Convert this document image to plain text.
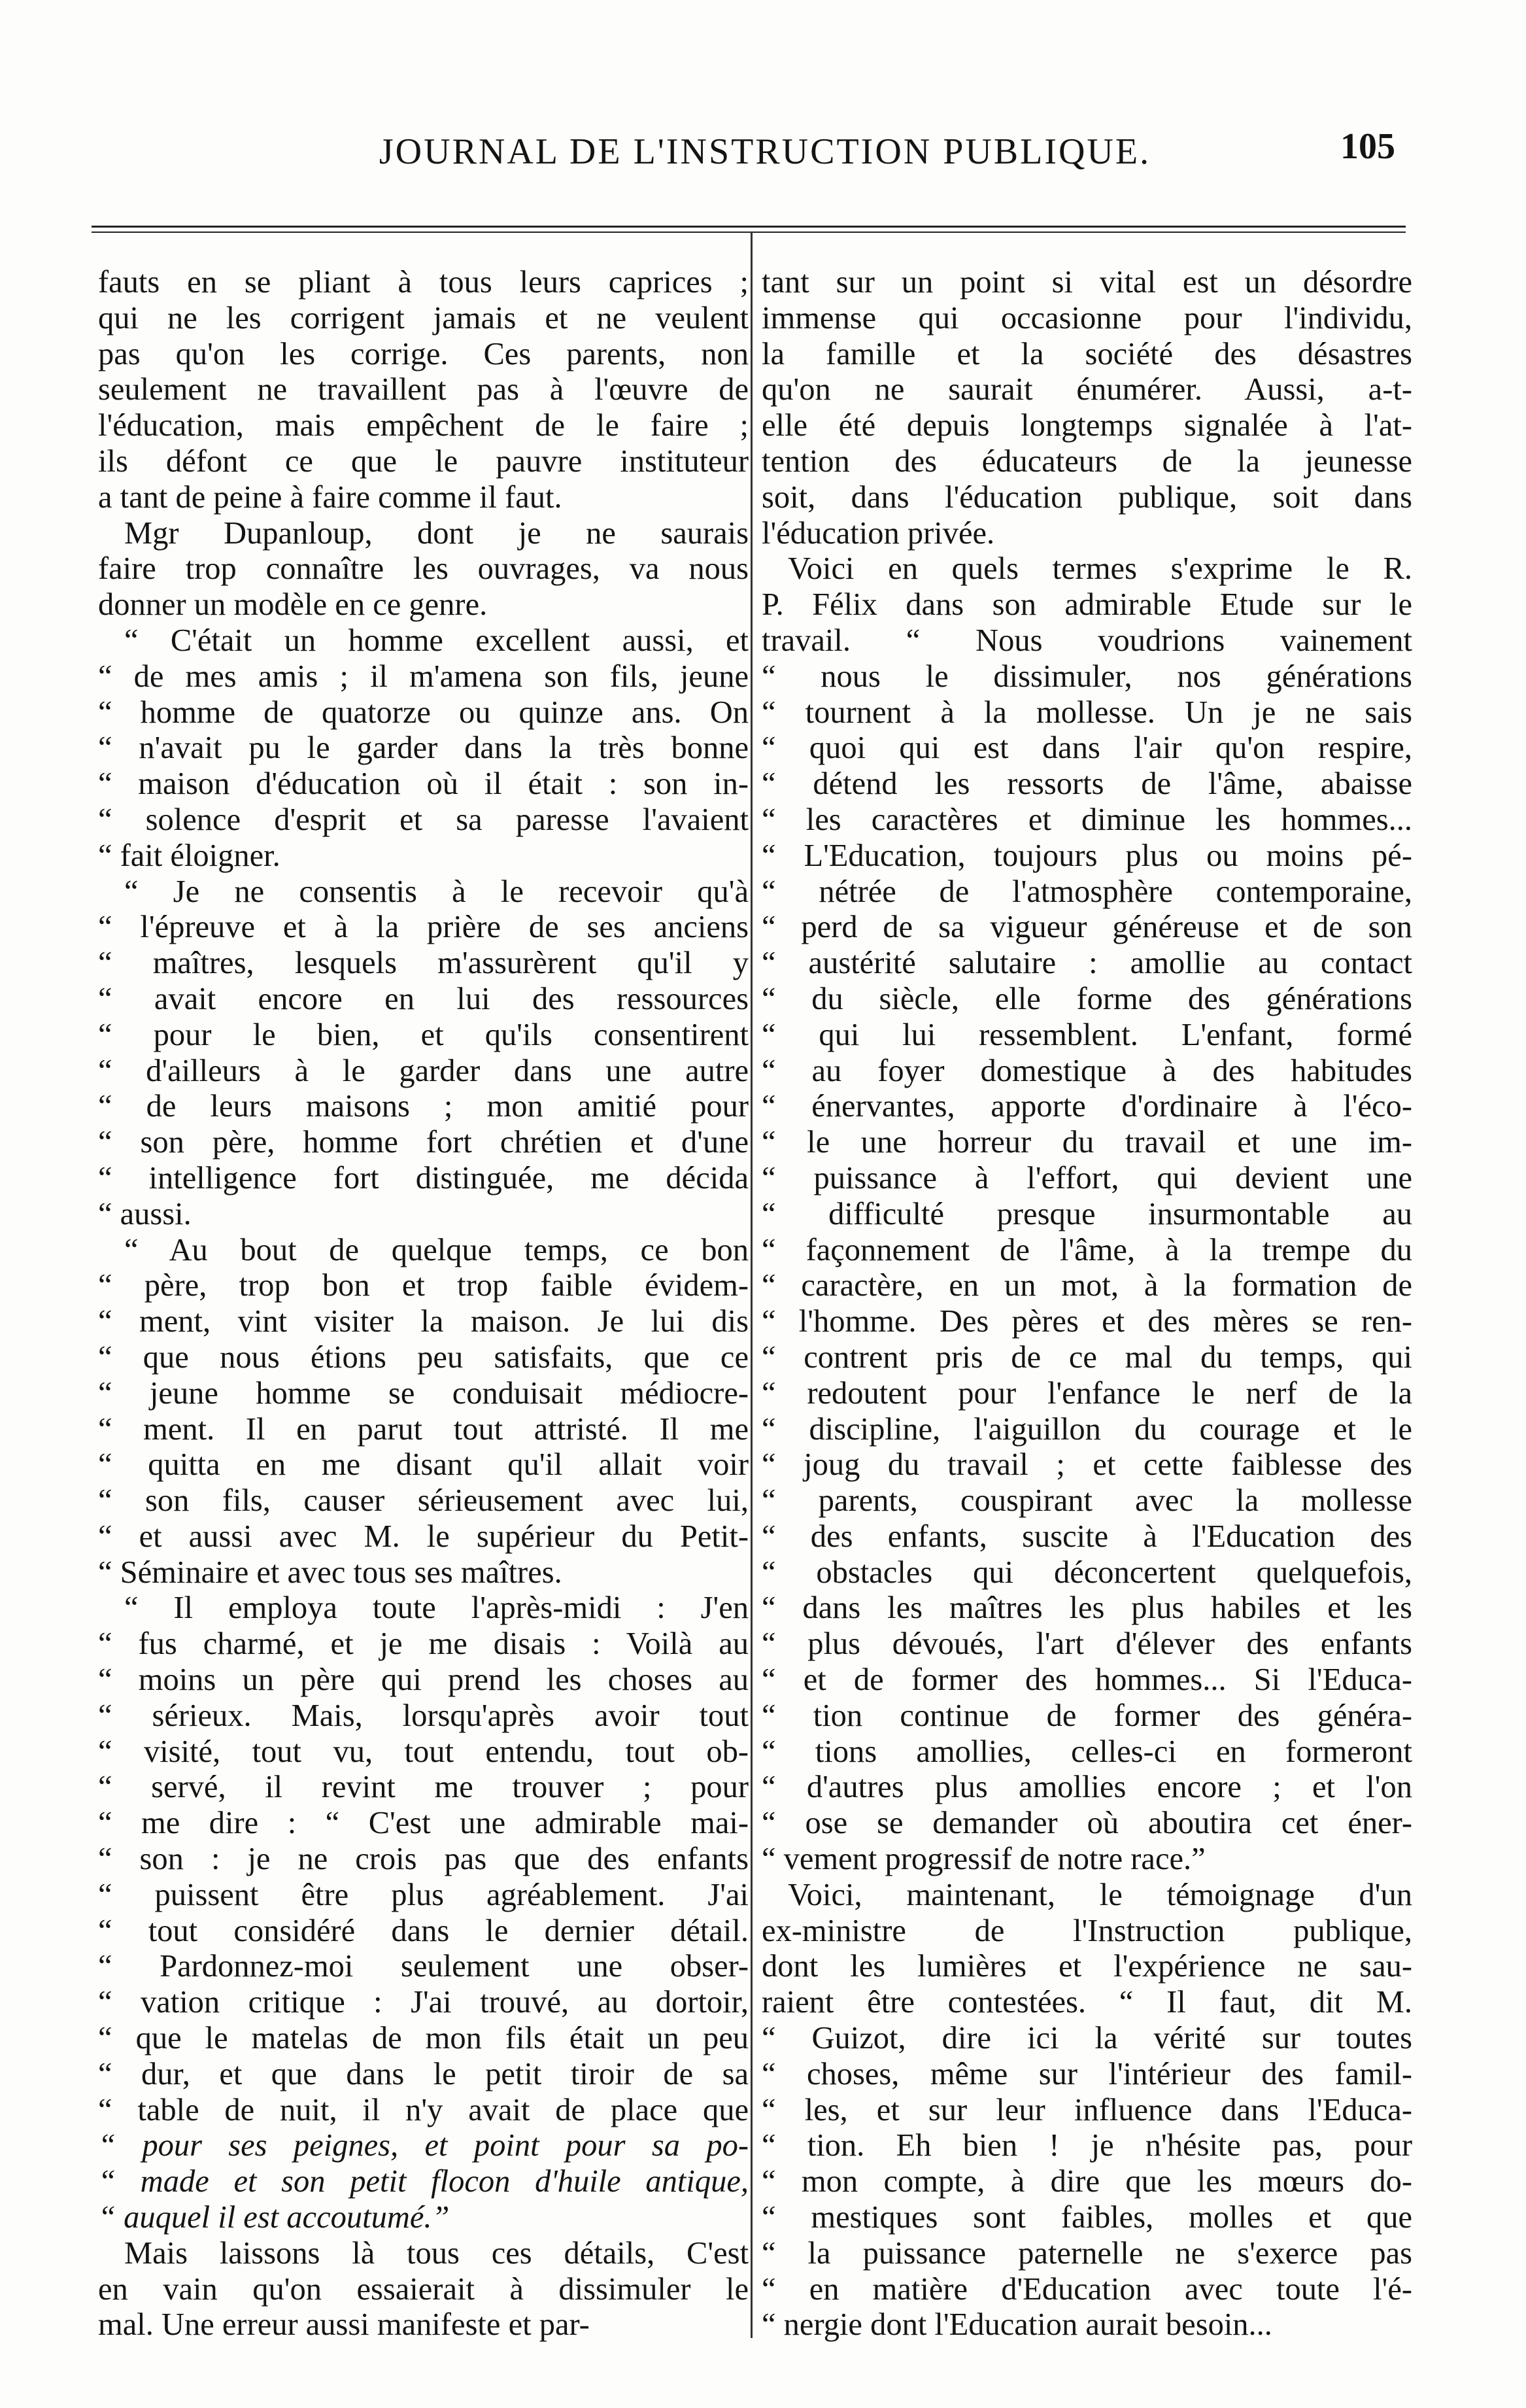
JOURNAL DE L'INSTRUCTION PUBLIQUE.	105
fauts en se pliant à tous leurs caprices ;
qui ne les corrigent jamais et ne veulent
pas qu'on les corrige. Ces parents, non
seulement ne travaillent pas à l'œuvre de
l'éducation, mais empêchent de le faire ;
ils défont ce que le pauvre instituteur
a tant de peine à faire comme il faut.
Mgr Dupanloup, dont je ne saurais
faire trop connaître les ouvrages, va nous
donner un modèle en ce genre.
“ C'était un homme excellent aussi, et
“ de mes amis ; il m'amena son fils, jeune
“ homme de quatorze ou quinze ans. On
“ n'avait pu le garder dans la très bonne
“ maison d'éducation où il était : son in-
“ solence d'esprit et sa paresse l'avaient
“ fait éloigner.
“ Je ne consentis à le recevoir qu'à
“ l'épreuve et à la prière de ses anciens
“ maîtres, lesquels m'assurèrent qu'il y
“ avait encore en lui des ressources
“ pour le bien, et qu'ils consentirent
“ d'ailleurs à le garder dans une autre
“ de leurs maisons ; mon amitié pour
“ son père, homme fort chrétien et d'une
“ intelligence fort distinguée, me décida
“ aussi.
“ Au bout de quelque temps, ce bon
“ père, trop bon et trop faible évidem-
“ ment, vint visiter la maison. Je lui dis
“ que nous étions peu satisfaits, que ce
“ jeune homme se conduisait médiocre-
“ ment. Il en parut tout attristé. Il me
“ quitta en me disant qu'il allait voir
“ son fils, causer sérieusement avec lui,
“ et aussi avec M. le supérieur du Petit-
“ Séminaire et avec tous ses maîtres.
“ Il employa toute l'après-midi : J'en
“ fus charmé, et je me disais : Voilà au
“ moins un père qui prend les choses au
“ sérieux. Mais, lorsqu'après avoir tout
“ visité, tout vu, tout entendu, tout ob-
“ servé, il revint me trouver ; pour
“ me dire : “ C'est une admirable mai-
“ son : je ne crois pas que des enfants
“ puissent être plus agréablement. J'ai
“ tout considéré dans le dernier détail.
“ Pardonnez-moi seulement une obser-
“ vation critique : J'ai trouvé, au dortoir,
“ que le matelas de mon fils était un peu
“ dur, et que dans le petit tiroir de sa
“ table de nuit, il n'y avait de place que
“ pour ses peignes, et point pour sa po-
“ made et son petit flocon d'huile antique,
“ auquel il est accoutumé.”
Mais laissons là tous ces détails, C'est
en vain qu'on essaierait à dissimuler le
mal. Une erreur aussi manifeste et par-
tant sur un point si vital est un désordre
immense qui occasionne pour l'individu,
la famille et la société des désastres
qu'on ne saurait énumérer. Aussi, a-t-
elle été depuis longtemps signalée à l'at-
tention des éducateurs de la jeunesse
soit, dans l'éducation publique, soit dans
l'éducation privée.
Voici en quels termes s'exprime le R.
P. Félix dans son admirable Etude sur le
travail. “ Nous voudrions vainement
“ nous le dissimuler, nos générations
“ tournent à la mollesse. Un je ne sais
“ quoi qui est dans l'air qu'on respire,
“ détend les ressorts de l'âme, abaisse
“ les caractères et diminue les hommes...
“ L'Education, toujours plus ou moins pé-
“ nétrée de l'atmosphère contemporaine,
“ perd de sa vigueur généreuse et de son
“ austérité salutaire : amollie au contact
“ du siècle, elle forme des générations
“ qui lui ressemblent. L'enfant, formé
“ au foyer domestique à des habitudes
“ énervantes, apporte d'ordinaire à l'éco-
“ le une horreur du travail et une im-
“ puissance à l'effort, qui devient une
“ difficulté presque insurmontable au
“ façonnement de l'âme, à la trempe du
“ caractère, en un mot, à la formation de
“ l'homme. Des pères et des mères se ren-
“ contrent pris de ce mal du temps, qui
“ redoutent pour l'enfance le nerf de la
“ discipline, l'aiguillon du courage et le
“ joug du travail ; et cette faiblesse des
“ parents, couspirant avec la mollesse
“ des enfants, suscite à l'Education des
“ obstacles qui déconcertent quelquefois,
“ dans les maîtres les plus habiles et les
“ plus dévoués, l'art d'élever des enfants
“ et de former des hommes... Si l'Educa-
“ tion continue de former des généra-
“ tions amollies, celles-ci en formeront
“ d'autres plus amollies encore ; et l'on
“ ose se demander où aboutira cet éner-
“ vement progressif de notre race.”
Voici, maintenant, le témoignage d'un
ex-ministre de l'Instruction publique,
dont les lumières et l'expérience ne sau-
raient être contestées. “ Il faut, dit M.
“ Guizot, dire ici la vérité sur toutes
“ choses, même sur l'intérieur des famil-
“ les, et sur leur influence dans l'Educa-
“ tion. Eh bien ! je n'hésite pas, pour
“ mon compte, à dire que les mœurs do-
“ mestiques sont faibles, molles et que
“ la puissance paternelle ne s'exerce pas
“ en matière d'Education avec toute l'é-
“ nergie dont l'Education aurait besoin...
